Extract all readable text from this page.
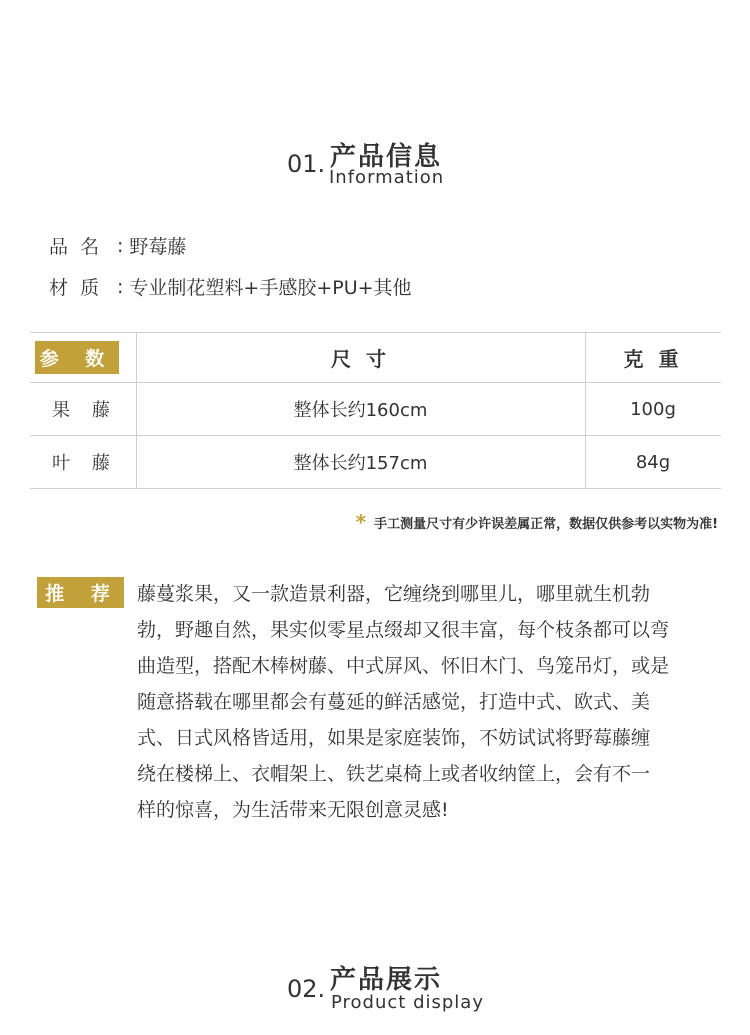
01. 产品信息
Information
品  名 : 野莓藤
材  质 : 专业制花塑料+手感胶+PU+其他
参 数	尺 寸	克 重
果 藤	整体长约160cm	100g
叶 藤	整体长约157cm	84g
* 手工测量尺寸有少许误差属正常，数据仅供参考以实物为准!
推 荐 藤蔓浆果，又一款造景利器，它缠绕到哪里儿，哪里就生机勃
勃，野趣自然，果实似零星点缀却又很丰富，每个枝条都可以弯
曲造型，搭配木棒树藤、中式屏风、怀旧木门、鸟笼吊灯，或是
随意搭载在哪里都会有蔓延的鲜活感觉，打造中式、欧式、美
式、日式风格皆适用，如果是家庭装饰，不妨试试将野莓藤缠
绕在楼梯上、衣帽架上、铁艺桌椅上或者收纳筐上，会有不一
样的惊喜，为生活带来无限创意灵感!
02. 产品展示
Product display
